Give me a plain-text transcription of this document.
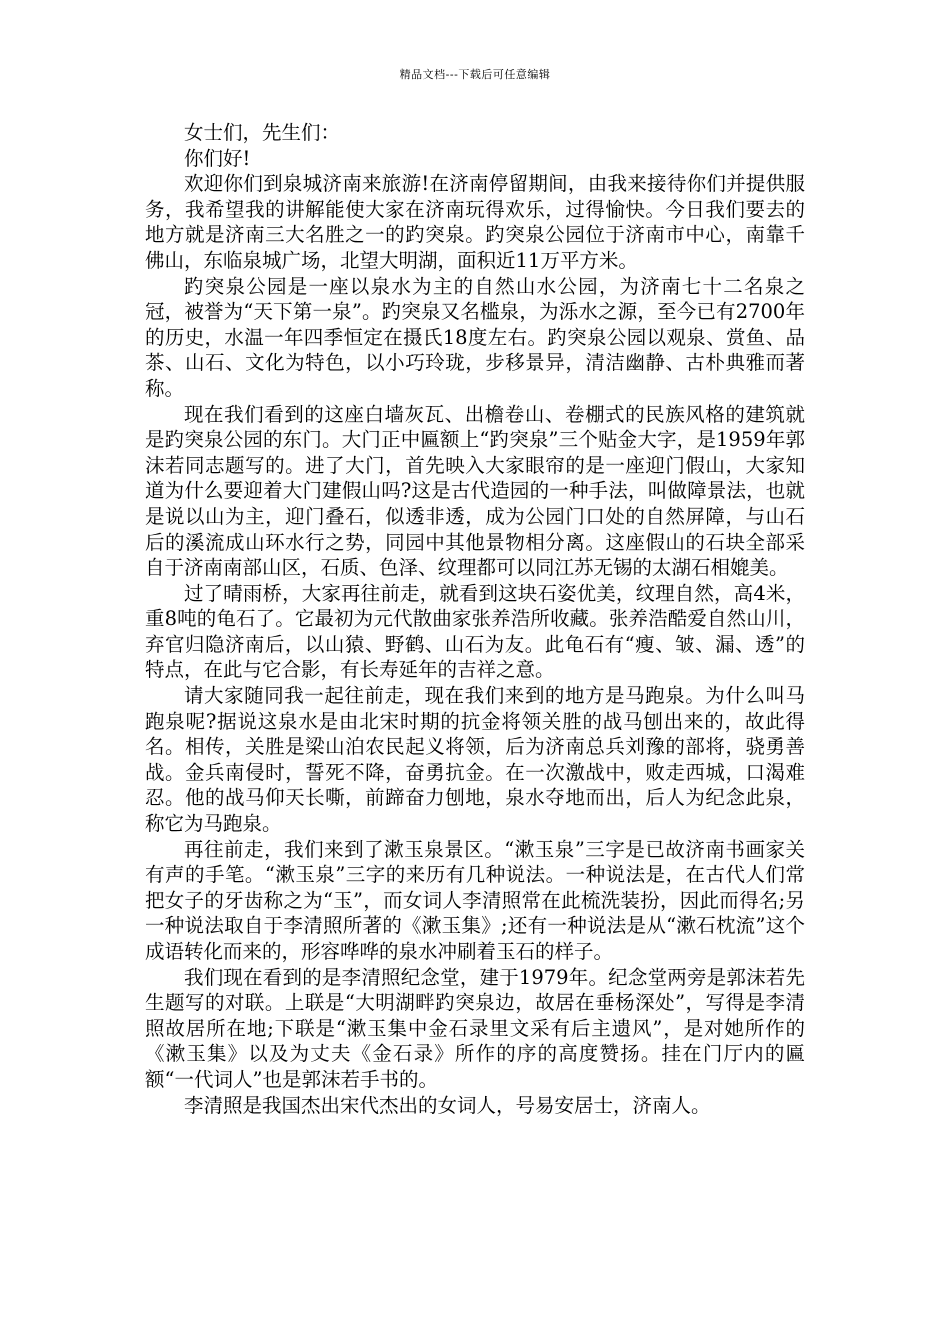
精品文档---下载后可任意编辑

女士们，先生们：

你们好!

欢迎你们到泉城济南来旅游!在济南停留期间，由我来接待你们并提供服务，我希望我的讲解能使大家在济南玩得欢乐，过得愉快。今日我们要去的地方就是济南三大名胜之一的趵突泉。趵突泉公园位于济南市中心，南靠千佛山，东临泉城广场，北望大明湖，面积近11万平方米。

趵突泉公园是一座以泉水为主的自然山水公园，为济南七十二名泉之冠，被誉为“天下第一泉”。趵突泉又名槛泉，为泺水之源，至今已有2700年的历史，水温一年四季恒定在摄氏18度左右。趵突泉公园以观泉、赏鱼、品茶、山石、文化为特色，以小巧玲珑，步移景异，清洁幽静、古朴典雅而著称。

现在我们看到的这座白墙灰瓦、出檐卷山、卷棚式的民族风格的建筑就是趵突泉公园的东门。大门正中匾额上“趵突泉”三个贴金大字，是1959年郭沫若同志题写的。进了大门，首先映入大家眼帘的是一座迎门假山，大家知道为什么要迎着大门建假山吗?这是古代造园的一种手法，叫做障景法，也就是说以山为主，迎门叠石，似透非透，成为公园门口处的自然屏障，与山石后的溪流成山环水行之势，同园中其他景物相分离。这座假山的石块全部采自于济南南部山区，石质、色泽、纹理都可以同江苏无锡的太湖石相媲美。

过了晴雨桥，大家再往前走，就看到这块石姿优美，纹理自然，高4米，重8吨的龟石了。它最初为元代散曲家张养浩所收藏。张养浩酷爱自然山川，弃官归隐济南后，以山猿、野鹤、山石为友。此龟石有“瘦、皱、漏、透”的特点，在此与它合影，有长寿延年的吉祥之意。

请大家随同我一起往前走，现在我们来到的地方是马跑泉。为什么叫马跑泉呢?据说这泉水是由北宋时期的抗金将领关胜的战马刨出来的，故此得名。相传，关胜是梁山泊农民起义将领，后为济南总兵刘豫的部将，骁勇善战。金兵南侵时，誓死不降，奋勇抗金。在一次激战中，败走西城，口渴难忍。他的战马仰天长嘶，前蹄奋力刨地，泉水夺地而出，后人为纪念此泉，称它为马跑泉。

再往前走，我们来到了漱玉泉景区。“漱玉泉”三字是已故济南书画家关有声的手笔。“漱玉泉”三字的来历有几种说法。一种说法是，在古代人们常把女子的牙齿称之为“玉”，而女词人李清照常在此梳洗装扮，因此而得名;另一种说法取自于李清照所著的《漱玉集》;还有一种说法是从“漱石枕流”这个成语转化而来的，形容哗哗的泉水冲刷着玉石的样子。

我们现在看到的是李清照纪念堂，建于1979年。纪念堂两旁是郭沫若先生题写的对联。上联是“大明湖畔趵突泉边，故居在垂杨深处”，写得是李清照故居所在地;下联是“漱玉集中金石录里文采有后主遗风”，是对她所作的《漱玉集》以及为丈夫《金石录》所作的序的高度赞扬。挂在门厅内的匾额“一代词人”也是郭沫若手书的。

李清照是我国杰出宋代杰出的女词人，号易安居士，济南人。
